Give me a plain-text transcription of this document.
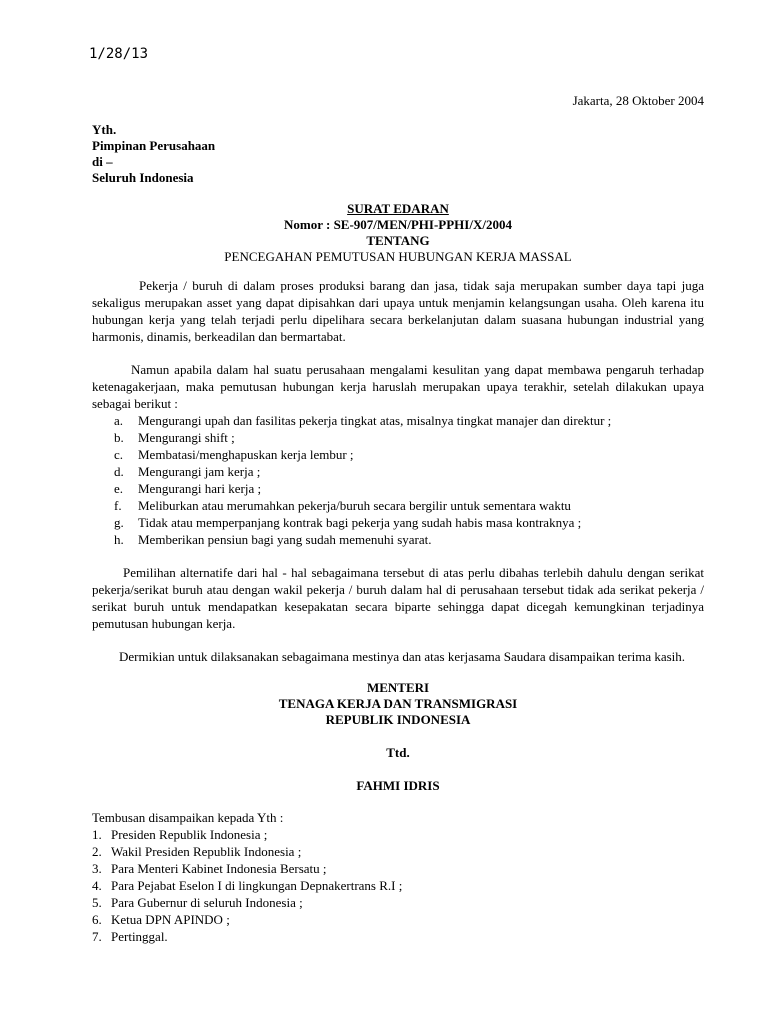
1/28/13
Jakarta, 28 Oktober 2004
Yth.
Pimpinan Perusahaan
di –
Seluruh Indonesia
SURAT EDARAN
Nomor : SE-907/MEN/PHI-PPHI/X/2004
TENTANG
PENCEGAHAN PEMUTUSAN HUBUNGAN KERJA MASSAL

Pekerja / buruh di dalam proses produksi barang dan jasa, tidak saja merupakan sumber daya tapi juga sekaligus merupakan asset yang dapat dipisahkan dari upaya untuk menjamin kelangsungan usaha. Oleh karena itu hubungan kerja yang telah terjadi perlu dipelihara secara berkelanjutan dalam suasana hubungan industrial yang harmonis, dinamis, berkeadilan dan bermartabat.

Namun apabila dalam hal suatu perusahaan mengalami kesulitan yang dapat membawa pengaruh terhadap ketenagakerjaan, maka pemutusan hubungan kerja haruslah merupakan upaya terakhir, setelah dilakukan upaya sebagai berikut :

a. Mengurangi upah dan fasilitas pekerja tingkat atas, misalnya tingkat manajer dan direktur ;
b. Mengurangi shift ;
c. Membatasi/menghapuskan kerja lembur ;
d. Mengurangi jam kerja ;
e. Mengurangi hari kerja ;
f. Meliburkan atau merumahkan pekerja/buruh secara bergilir untuk sementara waktu
g. Tidak atau memperpanjang kontrak bagi pekerja yang sudah habis masa kontraknya ;
h. Memberikan pensiun bagi yang sudah memenuhi syarat.

Pemilihan alternatife dari hal - hal sebagaimana tersebut di atas perlu dibahas terlebih dahulu dengan serikat pekerja/serikat buruh atau dengan wakil pekerja / buruh dalam hal di perusahaan tersebut tidak ada serikat pekerja / serikat buruh untuk mendapatkan kesepakatan secara biparte sehingga dapat dicegah kemungkinan terjadinya pemutusan hubungan kerja.

Dermikian untuk dilaksanakan sebagaimana mestinya dan atas kerjasama Saudara disampaikan terima kasih.

MENTERI
TENAGA KERJA DAN TRANSMIGRASI
REPUBLIK INDONESIA
Ttd.
FAHMI IDRIS
Tembusan disampaikan kepada Yth :
1. Presiden Republik Indonesia ;
2. Wakil Presiden Republik Indonesia ;
3. Para Menteri Kabinet Indonesia Bersatu ;
4. Para Pejabat Eselon I di lingkungan Depnakertrans R.I ;
5. Para Gubernur di seluruh Indonesia ;
6. Ketua DPN APINDO ;
7. Pertinggal.
